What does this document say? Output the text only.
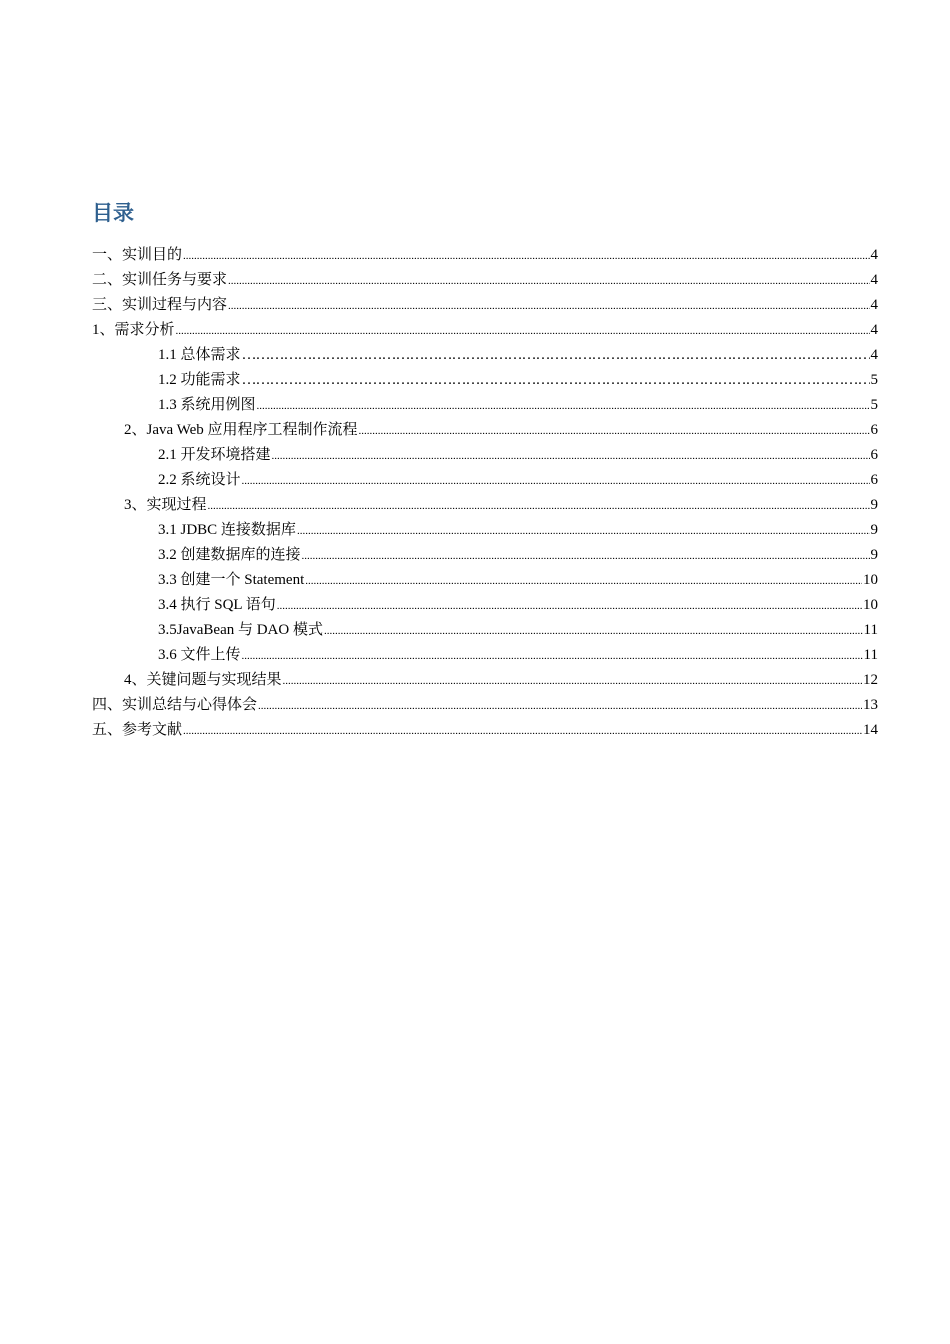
目录
一、实训目的 .....	4
二、实训任务与要求 .....	4
三、实训过程与内容 .....	4
1、需求分析 .....	4
1.1 总体需求 …………………………………………………………………………………………………………………………………………………………………………………………………………………………………………………………………………………………………………………	4
1.2 功能需求 …………………………………………………………………………………………………………………………………………………………………………………………………………………………………………………………………………………………………………………	5
1.3 系统用例图 .....	5
2、Java Web 应用程序工程制作流程 .....	6
2.1 开发环境搭建 .....	6
2.2 系统设计 .....	6
3、实现过程 .....	9
3.1 JDBC 连接数据库 .....	9
3.2 创建数据库的连接 .....	9
3.3 创建一个 Statement .....	10
3.4 执行 SQL 语句 .....	10
3.5JavaBean 与 DAO 模式 .....	11
3.6 文件上传 .....	11
4、关键问题与实现结果 .....	12
四、实训总结与心得体会 .....	13
五、参考文献 .....	14
